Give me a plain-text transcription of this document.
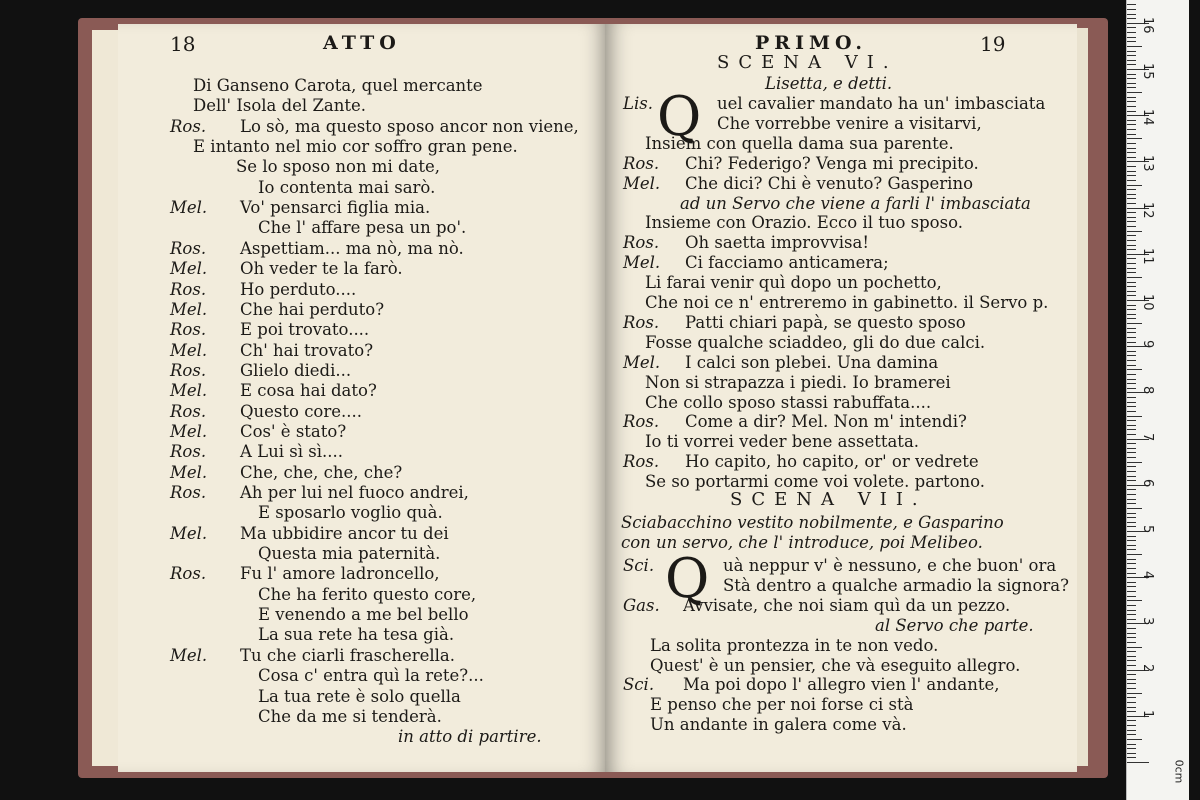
18	ATTO
Di Ganseno Carota, quel mercante
Dell' Isola del Zante.
Ros. Lo sò, ma questo sposo ancor non viene,
E intanto nel mio cor soffro gran pene.
Se lo sposo non mi date,
Io contenta mai sarò.
Mel. Vo' pensarci figlia mia.
Che l' affare pesa un po'.
Ros. Aspettiam... ma nò, ma nò.
Mel. Oh veder te la farò.
Ros. Ho perduto....
Mel. Che hai perduto?
Ros. E poi trovato....
Mel. Ch' hai trovato?
Ros. Glielo diedi...
Mel. E cosa hai dato?
Ros. Questo core....
Mel. Cos' è stato?
Ros. A Lui sì sì....
Mel. Che, che, che, che?
Ros. Ah per lui nel fuoco andrei,
E sposarlo voglio quà.
Mel. Ma ubbidire ancor tu dei
Questa mia paternità.
Ros. Fu l' amore ladroncello,
Che ha ferito questo core,
E venendo a me bel bello
La sua rete ha tesa già.
Mel. Tu che ciarli frascherella.
Cosa c' entra quì la rete?...
La tua rete è solo quella
Che da me si tenderà.
in atto di partire.
PRIMO.	19
SCENA VI.
Lisetta, e detti.
Q
SCENA VII.
Sciabacchino vestito nobilmente, e Gasparino
con un servo, che l' introduce, poi Melibeo.
Q
Lis.	uel cavalier mandato ha un' imbasciata
Che vorrebbe venire a visitarvi,
Insiem con quella dama sua parente.
Ros. Chi? Federigo? Venga mi precipito.
Mel. Che dici? Chi è venuto? Gasperino
ad un Servo che viene a farli l' imbasciata
Insieme con Orazio. Ecco il tuo sposo.
Ros. Oh saetta improvvisa!
Mel. Ci facciamo anticamera;
Li farai venir quì dopo un pochetto,
Che noi ce n' entreremo in gabinetto. il Servo p.
Ros. Patti chiari papà, se questo sposo
Fosse qualche sciaddeo, gli do due calci.
Mel. I calci son plebei. Una damina
Non si strapazza i piedi. Io bramerei
Che collo sposo stassi rabuffata....
Ros. Come a dir? Mel. Non m' intendi?
Io ti vorrei veder bene assettata.
Ros. Ho capito, ho capito, or' or vedrete
Se so portarmi come voi volete. partono.
Sci.	uà neppur v' è nessuno, e che buon' ora
Stà dentro a qualche armadio la signora?
Gas. Avvisate, che noi siam quì da un pezzo.
al Servo che parte.
La solita prontezza in te non vedo.
Quest' è un pensier, che và eseguito allegro.
Sci. Ma poi dopo l' allegro vien l' andante,
E penso che per noi forse ci stà
Un andante in galera come và.
0cm
1
2
3
4
5
6
7
8
9
10
11
12
13
14
15
16
